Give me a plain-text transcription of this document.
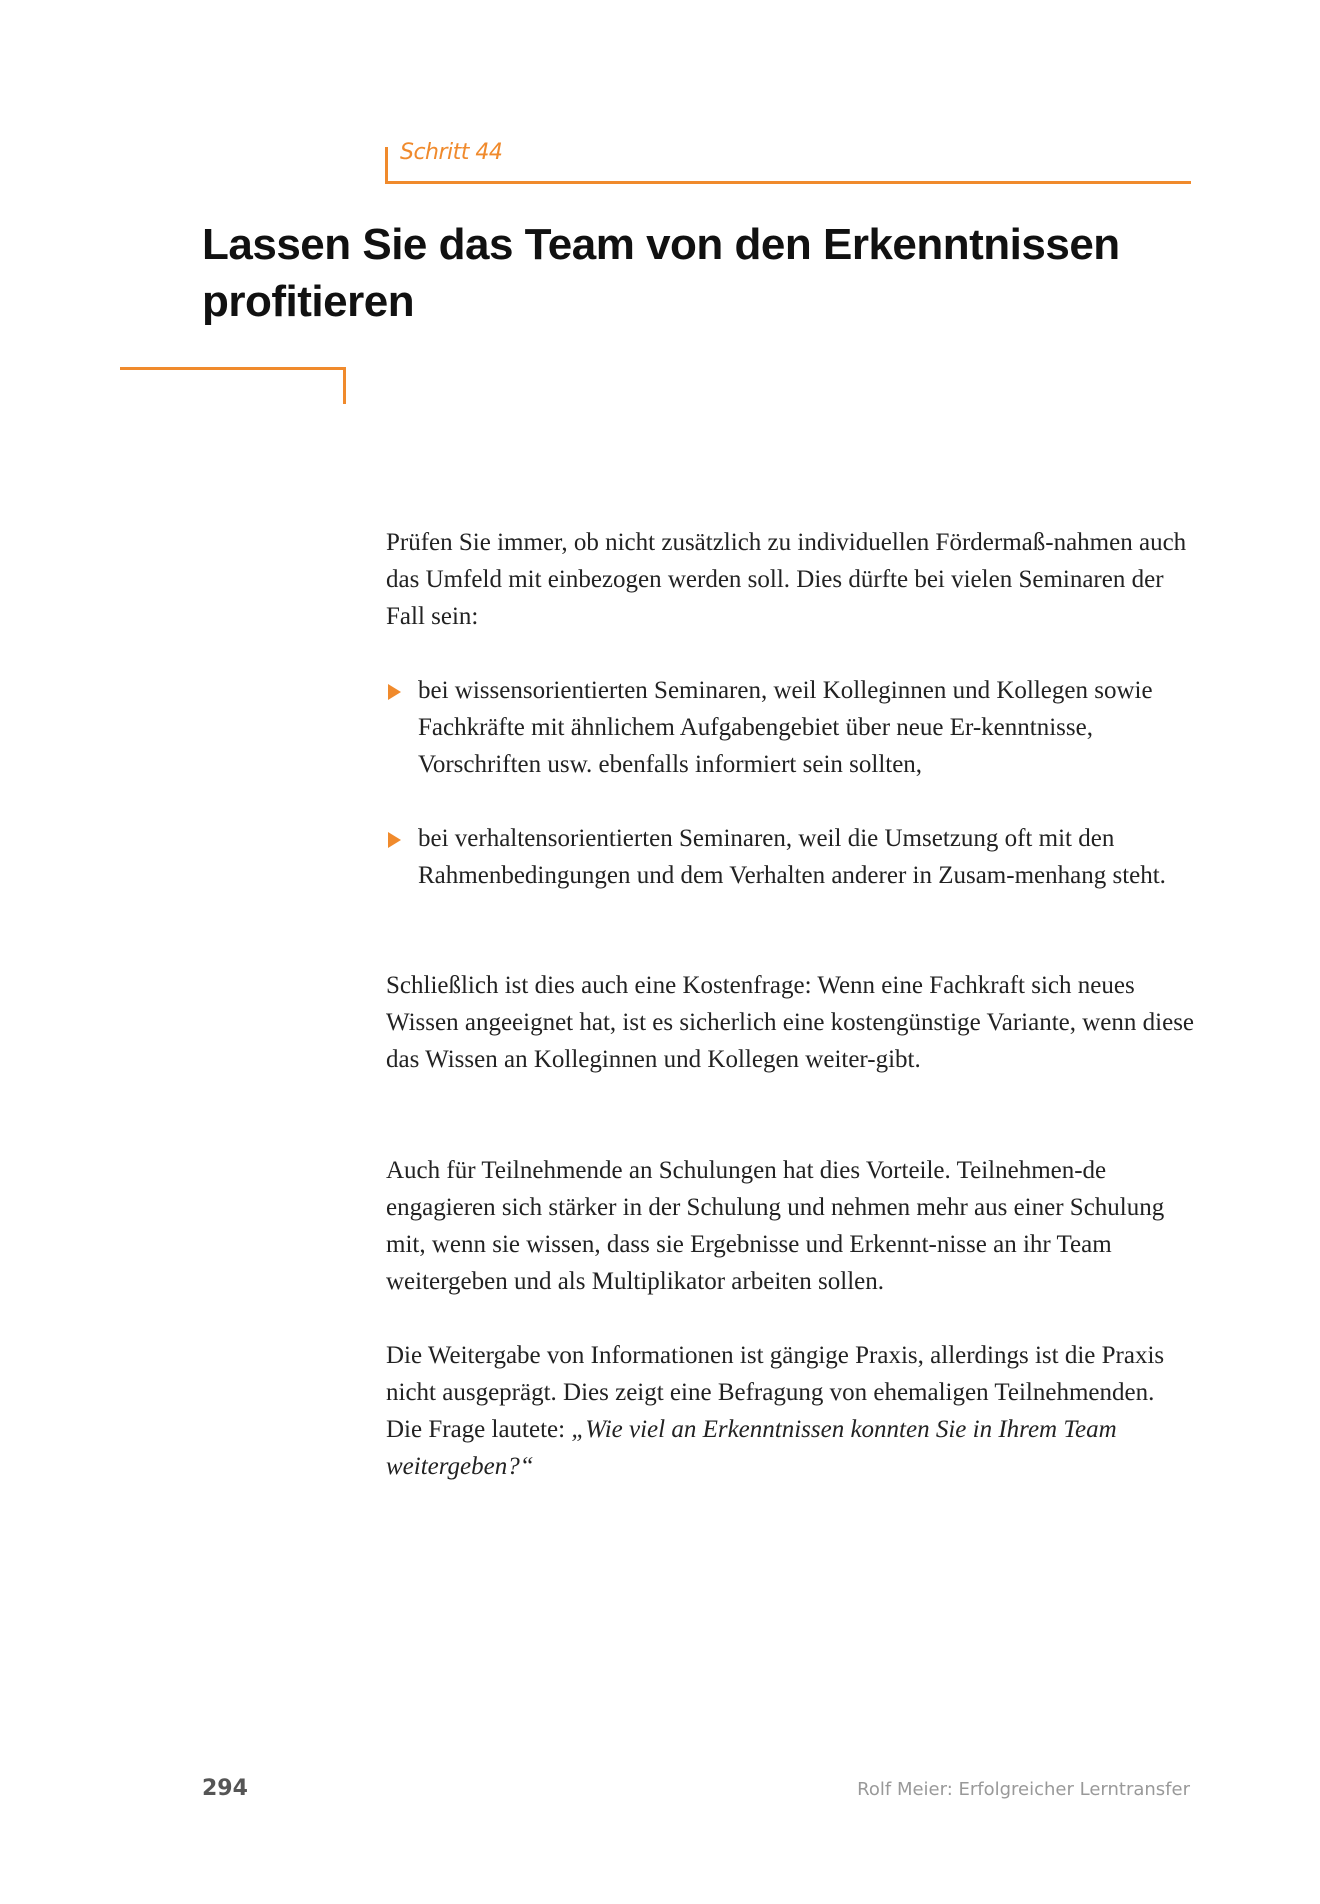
Schritt 44
Lassen Sie das Team von den Erkenntnissen
profitieren

Prüfen Sie immer, ob nicht zusätzlich zu individuellen Fördermaß-nahmen auch das Umfeld mit einbezogen werden soll. Dies dürfte bei vielen Seminaren der Fall sein:

bei wissensorientierten Seminaren, weil Kolleginnen und Kollegen sowie Fachkräfte mit ähnlichem Aufgabengebiet über neue Er-kenntnisse, Vorschriften usw. ebenfalls informiert sein sollten,
bei verhaltensorientierten Seminaren, weil die Umsetzung oft mit den Rahmenbedingungen und dem Verhalten anderer in Zusam-menhang steht.

Schließlich ist dies auch eine Kostenfrage: Wenn eine Fachkraft sich neues Wissen angeeignet hat, ist es sicherlich eine kostengünstige Variante, wenn diese das Wissen an Kolleginnen und Kollegen weiter-gibt.

Auch für Teilnehmende an Schulungen hat dies Vorteile. Teilnehmen-de engagieren sich stärker in der Schulung und nehmen mehr aus einer Schulung mit, wenn sie wissen, dass sie Ergebnisse und Erkennt-nisse an ihr Team weitergeben und als Multiplikator arbeiten sollen.

Die Weitergabe von Informationen ist gängige Praxis, allerdings ist die Praxis nicht ausgeprägt. Dies zeigt eine Befragung von ehemaligen Teilnehmenden. Die Frage lautete: „Wie viel an Erkenntnissen konnten Sie in Ihrem Team weitergeben?“

294	Rolf Meier: Erfolgreicher Lerntransfer
